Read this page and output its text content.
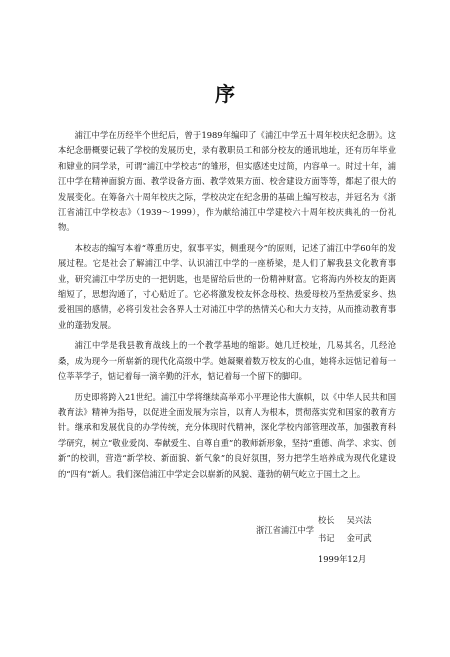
序

浦江中学在历经半个世纪后，曾于1989年编印了《浦江中学五十周年校庆纪念册》。这本纪念册概要记载了学校的发展历史，录有教职员工和部分校友的通讯地址，还有历年毕业和肄业的同学录，可谓“浦江中学校志”的雏形，但实感述史过简，内容单一。时过十年，浦江中学在精神面貌方面、教学设备方面、教学效果方面、校舍建设方面等等，都起了很大的发展变化。在筹备六十周年校庆之际，学校决定在纪念册的基础上编写校志，并冠名为《浙江省浦江中学校志》（1939～1999），作为献给浦江中学建校六十周年校庆典礼的一份礼物。

本校志的编写本着“尊重历史，叙事平实，侧重现今”的原则，记述了浦江中学60年的发展过程。它是社会了解浦江中学、认识浦江中学的一座桥梁，是人们了解我县文化教育事业，研究浦江中学历史的一把钥匙，也是留给后世的一份精神财富。它将海内外校友的距离缩短了，思想沟通了，寸心贴近了。它必将激发校友怀念母校、热爱母校乃至热爱家乡、热爱祖国的感情，必将引发社会各界人士对浦江中学的热情关心和大力支持，从而推动教育事业的蓬勃发展。

浦江中学是我县教育战线上的一个教学基地的缩影。她几迁校址，几易其名，几经沧桑，成为现今一所崭新的现代化高级中学。她凝聚着数万校友的心血，她将永远惦记着每一位莘莘学子，惦记着每一滴辛勤的汗水，惦记着每一个留下的脚印。

历史即将跨入21世纪。浦江中学将继续高举邓小平理论伟大旗帜，以《中华人民共和国教育法》精神为指导，以促进全面发展为宗旨，以育人为根本，贯彻落实党和国家的教育方针。继承和发展优良的办学传统，充分体现时代精神，深化学校内部管理改革，加强教育科学研究，树立“敬业爱岗、奉献爱生、自尊自重”的教师新形象，坚持“重德、尚学、求实、创新”的校训，营造“新学校、新面貌、新气象”的良好氛围，努力把学生培养成为现代化建设的“四有”新人。我们深信浦江中学定会以崭新的风貌、蓬勃的朝气屹立于国土之上。

浙江省浦江中学
校长 吴兴法
书记 金可武
1999年12月
